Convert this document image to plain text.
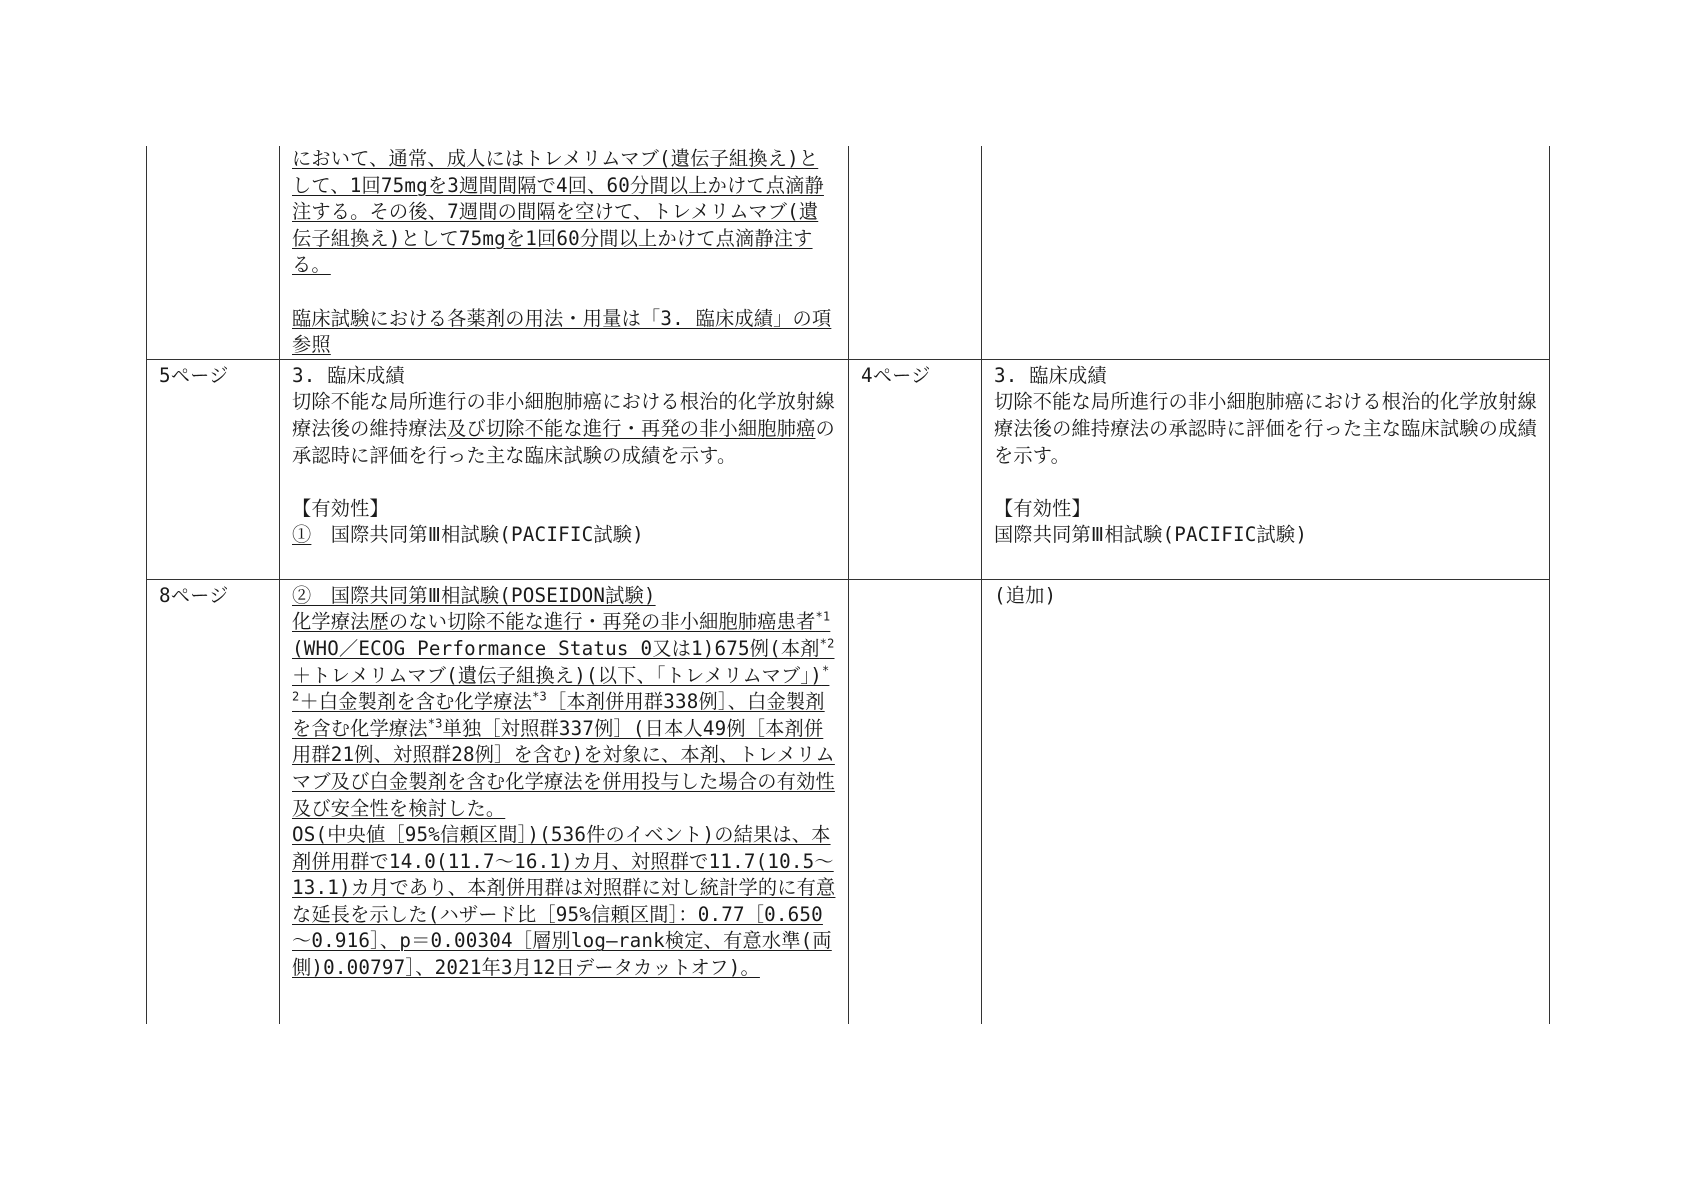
	において、通常、成人にはトレメリムマブ(遺伝子組換え)として、1回75mgを3週間間隔で4回、60分間以上かけて点滴静注する。その後、7週間の間隔を空けて、トレメリムマブ(遺伝子組換え)として75mgを1回60分間以上かけて点滴静注する。
臨床試験における各薬剤の用法・用量は「3. 臨床成績」の項参照		

5ページ	3. 臨床成績
切除不能な局所進行の非小細胞肺癌における根治的化学放射線療法後の維持療法及び切除不能な進行・再発の非小細胞肺癌の承認時に評価を行った主な臨床試験の成績を示す。
【有効性】
①　国際共同第Ⅲ相試験(PACIFIC試験)	4ページ	3. 臨床成績
切除不能な局所進行の非小細胞肺癌における根治的化学放射線療法後の維持療法の承認時に評価を行った主な臨床試験の成績を示す。
【有効性】
国際共同第Ⅲ相試験(PACIFIC試験)

8ページ	②　国際共同第Ⅲ相試験(POSEIDON試験)
化学療法歴のない切除不能な進行・再発の非小細胞肺癌患者$^{*1}$(WHO／ECOG Performance Status 0又は1)675例(本剤$^{*2}$＋トレメリムマブ(遺伝子組換え)(以下、「トレメリムマブ」)$^{*2}$＋白金製剤を含む化学療法$^{*3}$［本剤併用群338例］、白金製剤を含む化学療法$^{*3}$単独［対照群337例］(日本人49例［本剤併用群21例、対照群28例］を含む)を対象に、本剤、トレメリムマブ及び白金製剤を含む化学療法を併用投与した場合の有効性及び安全性を検討した。
OS(中央値［95%信頼区間］)(536件のイベント)の結果は、本剤併用群で14.0(11.7～16.1)カ月、対照群で11.7(10.5～13.1)カ月であり、本剤併用群は対照群に対し統計学的に有意な延長を示した(ハザード比［95%信頼区間］：0.77［0.650～0.916］、p＝0.00304［層別log―rank検定、有意水準(両側)0.00797］、2021年3月12日データカットオフ)。		(追加)
